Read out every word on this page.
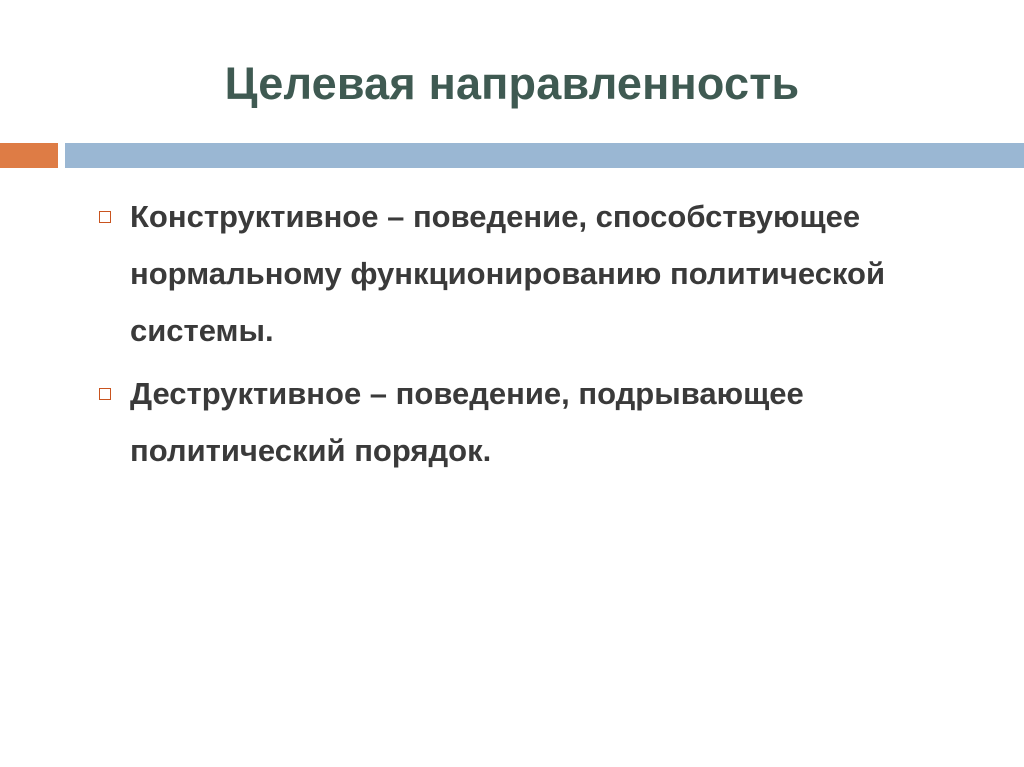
Целевая направленность
Конструктивное – поведение, способствующее нормальному функционированию политической системы.
Деструктивное – поведение, подрывающее политический порядок.
